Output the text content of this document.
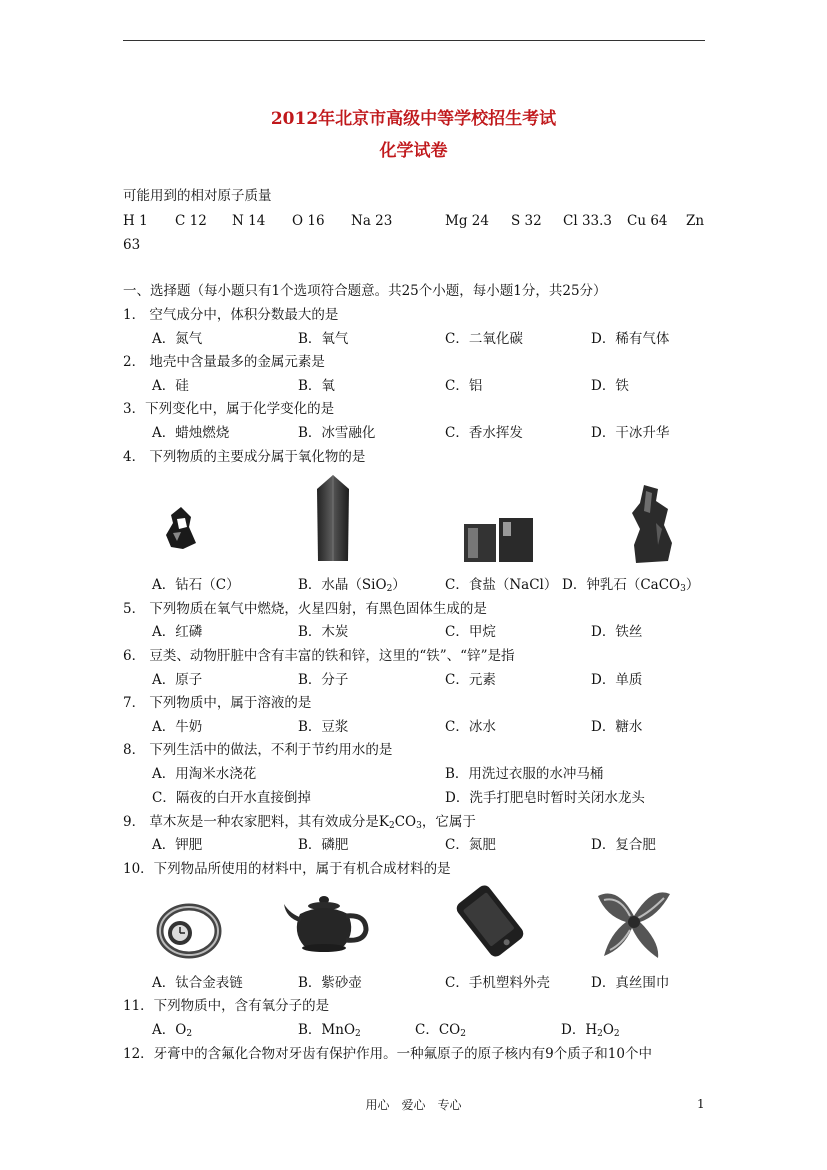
2012年北京市高级中等学校招生考试
化学试卷
可能用到的相对原子质量
H 1 C 12 N 14 O 16 Na 23	Mg 24 S 32 Cl 33.3 Cu 64 Zn
63
一、选择题（每小题只有1个选项符合题意。共25个小题，每小题1分，共25分）
1． 空气成分中，体积分数最大的是
A．氮气	B．氧气	C．二氧化碳	D．稀有气体
2． 地壳中含量最多的金属元素是
A．硅	B．氧	C．铝	D．铁
3．下列变化中，属于化学变化的是
A．蜡烛燃烧	B．冰雪融化	C．香水挥发	D．干冰升华
4． 下列物质的主要成分属于氧化物的是
A．钻石（C）	B．水晶（SiO$_2$）	C．食盐（NaCl） D．钟乳石（CaCO$_3$）
5． 下列物质在氧气中燃烧，火星四射，有黑色固体生成的是
A．红磷	B．木炭	C．甲烷	D．铁丝
6． 豆类、动物肝脏中含有丰富的铁和锌，这里的“铁”、“锌”是指
A．原子	B．分子	C．元素	D．单质
7． 下列物质中，属于溶液的是
A．牛奶	B．豆浆	C．冰水	D．糖水
8． 下列生活中的做法，不利于节约用水的是
A．用淘米水浇花	B．用洗过衣服的水冲马桶
C．隔夜的白开水直接倒掉	D．洗手打肥皂时暂时关闭水龙头
9． 草木灰是一种农家肥料，其有效成分是$K_2CO_3$，它属于
A．钾肥	B．磷肥	C．氮肥	D．复合肥
10．下列物品所使用的材料中，属于有机合成材料的是
A．钛合金表链	B．紫砂壶	C．手机塑料外壳	D．真丝围巾
11．下列物质中，含有氧分子的是
A．$O_2$	B．MnO$_2$	C．$CO_2$	D．$H_2O_2$
12．牙膏中的含氟化合物对牙齿有保护作用。一种氟原子的原子核内有9个质子和10个中
用心　爱心　专心	1
